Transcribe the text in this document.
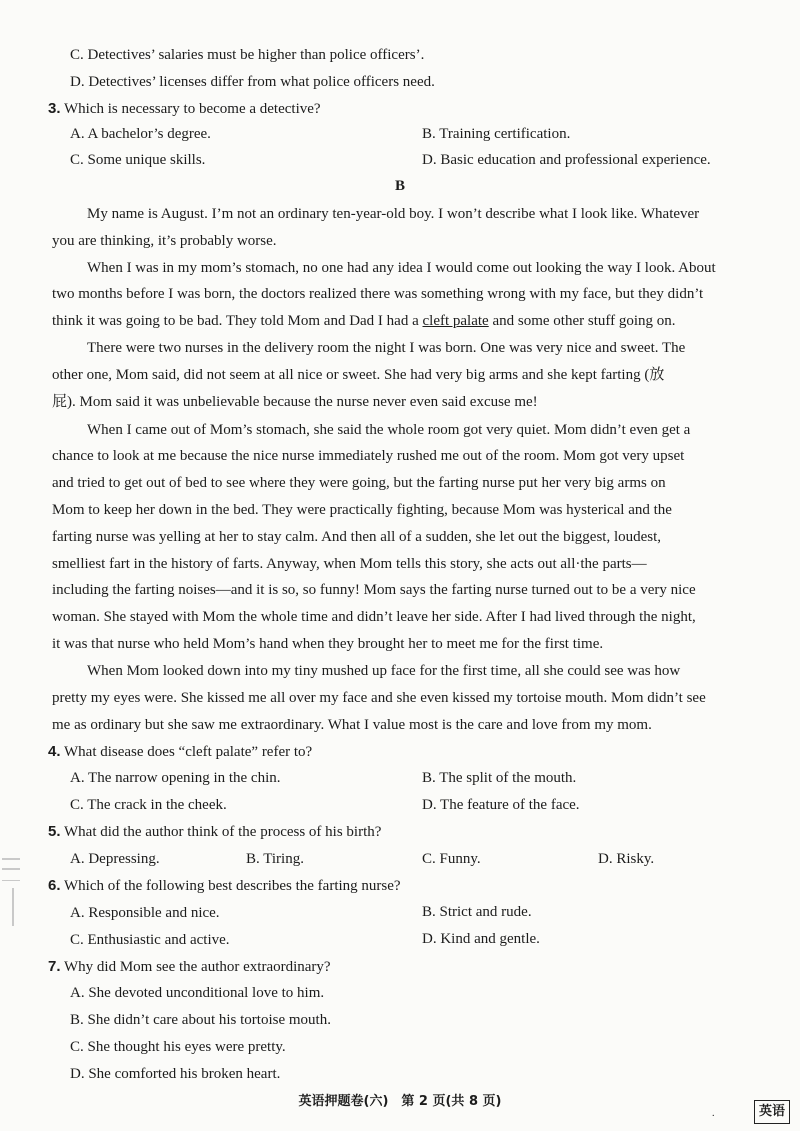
C. Detectives’ salaries must be higher than police officers’.
D. Detectives’ licenses differ from what police officers need.
3. Which is necessary to become a detective?
A. A bachelor’s degree.	B. Training certification.
C. Some unique skills.	D. Basic education and professional experience.
B
My name is August. I’m not an ordinary ten-year-old boy. I won’t describe what I look like. Whatever
you are thinking, it’s probably worse.
When I was in my mom’s stomach, no one had any idea I would come out looking the way I look. About
two months before I was born, the doctors realized there was something wrong with my face, but they didn’t
think it was going to be bad. They told Mom and Dad I had a cleft palate and some other stuff going on.
There were two nurses in the delivery room the night I was born. One was very nice and sweet. The
other one, Mom said, did not seem at all nice or sweet. She had very big arms and she kept farting (放
屁). Mom said it was unbelievable because the nurse never even said excuse me!
When I came out of Mom’s stomach, she said the whole room got very quiet. Mom didn’t even get a
chance to look at me because the nice nurse immediately rushed me out of the room. Mom got very upset
and tried to get out of bed to see where they were going, but the farting nurse put her very big arms on
Mom to keep her down in the bed. They were practically fighting, because Mom was hysterical and the
farting nurse was yelling at her to stay calm. And then all of a sudden, she let out the biggest, loudest,
smelliest fart in the history of farts. Anyway, when Mom tells this story, she acts out all·the parts—
including the farting noises—and it is so, so funny! Mom says the farting nurse turned out to be a very nice
woman. She stayed with Mom the whole time and didn’t leave her side. After I had lived through the night,
it was that nurse who held Mom’s hand when they brought her to meet me for the first time.
When Mom looked down into my tiny mushed up face for the first time, all she could see was how
pretty my eyes were. She kissed me all over my face and she even kissed my tortoise mouth. Mom didn’t see
me as ordinary but she saw me extraordinary. What I value most is the care and love from my mom.
4. What disease does “cleft palate” refer to?
A. The narrow opening in the chin.	B. The split of the mouth.
C. The crack in the cheek.	D. The feature of the face.
5. What did the author think of the process of his birth?
A. Depressing.	B. Tiring.	C. Funny.	D. Risky.
6. Which of the following best describes the farting nurse?
A. Responsible and nice.	B. Strict and rude.
C. Enthusiastic and active.	D. Kind and gentle.
7. Why did Mom see the author extraordinary?
A. She devoted unconditional love to him.
B. She didn’t care about his tortoise mouth.
C. She thought his eyes were pretty.
D. She comforted his broken heart.
英语押题卷(六)　第 2 页(共 8 页)
.	英语
